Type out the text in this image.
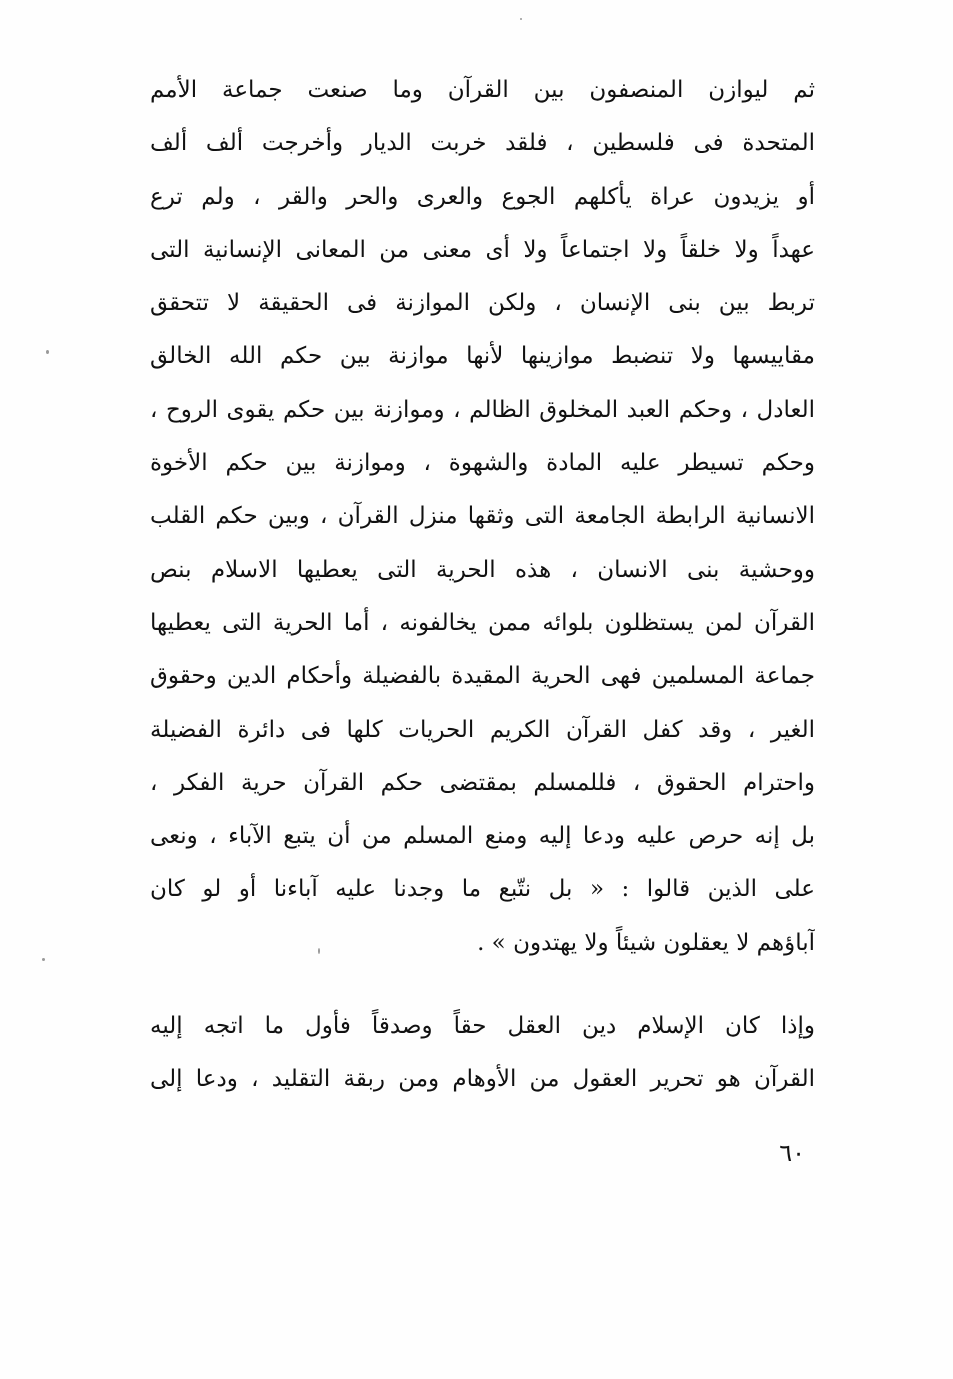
ثم ليوازن المنصفون بين القرآن وما صنعت جماعة الأمم
المتحدة فى فلسطين ، فلقد خربت الديار وأخرجت ألف ألف
أو يزيدون عراة يأكلهم الجوع والعرى والحر والقر ، ولم ترع
عهداً ولا خلقاً ولا اجتماعاً ولا أى معنى من المعانى الإنسانية التى
تربط بين بنى الإنسان ، ولكن الموازنة فى الحقيقة لا تتحقق
مقاييسها ولا تنضبط موازينها لأنها موازنة بين حكم الله الخالق
العادل ، وحكم العبد المخلوق الظالم ، وموازنة بين حكم يقوى الروح ،
وحكم تسيطر عليه المادة والشهوة ، وموازنة بين حكم الأخوة
الانسانية الرابطة الجامعة التى وثقها منزل القرآن ، وبين حكم القلب
ووحشية بنى الانسان ، هذه الحرية التى يعطيها الاسلام بنص
القرآن لمن يستظلون بلوائه ممن يخالفونه ، أما الحرية التى يعطيها
جماعة المسلمين فهى الحرية المقيدة بالفضيلة وأحكام الدين وحقوق
الغير ، وقد كفل القرآن الكريم الحريات كلها فى دائرة الفضيلة
واحترام الحقوق ، فللمسلم بمقتضى حكم القرآن حرية الفكر ،
بل إنه حرص عليه ودعا إليه ومنع المسلم من أن يتبع الآباء ، ونعى
على الذين قالوا : « بل نتّبع ما وجدنا عليه آباءنا أو لو كان
آباؤهم لا يعقلون شيئاً ولا يهتدون » .
وإذا كان الإسلام دين العقل حقاً وصدقاً فأول ما اتجه إليه
القرآن هو تحرير العقول من الأوهام ومن ربقة التقليد ، ودعا إلى
٦٠
